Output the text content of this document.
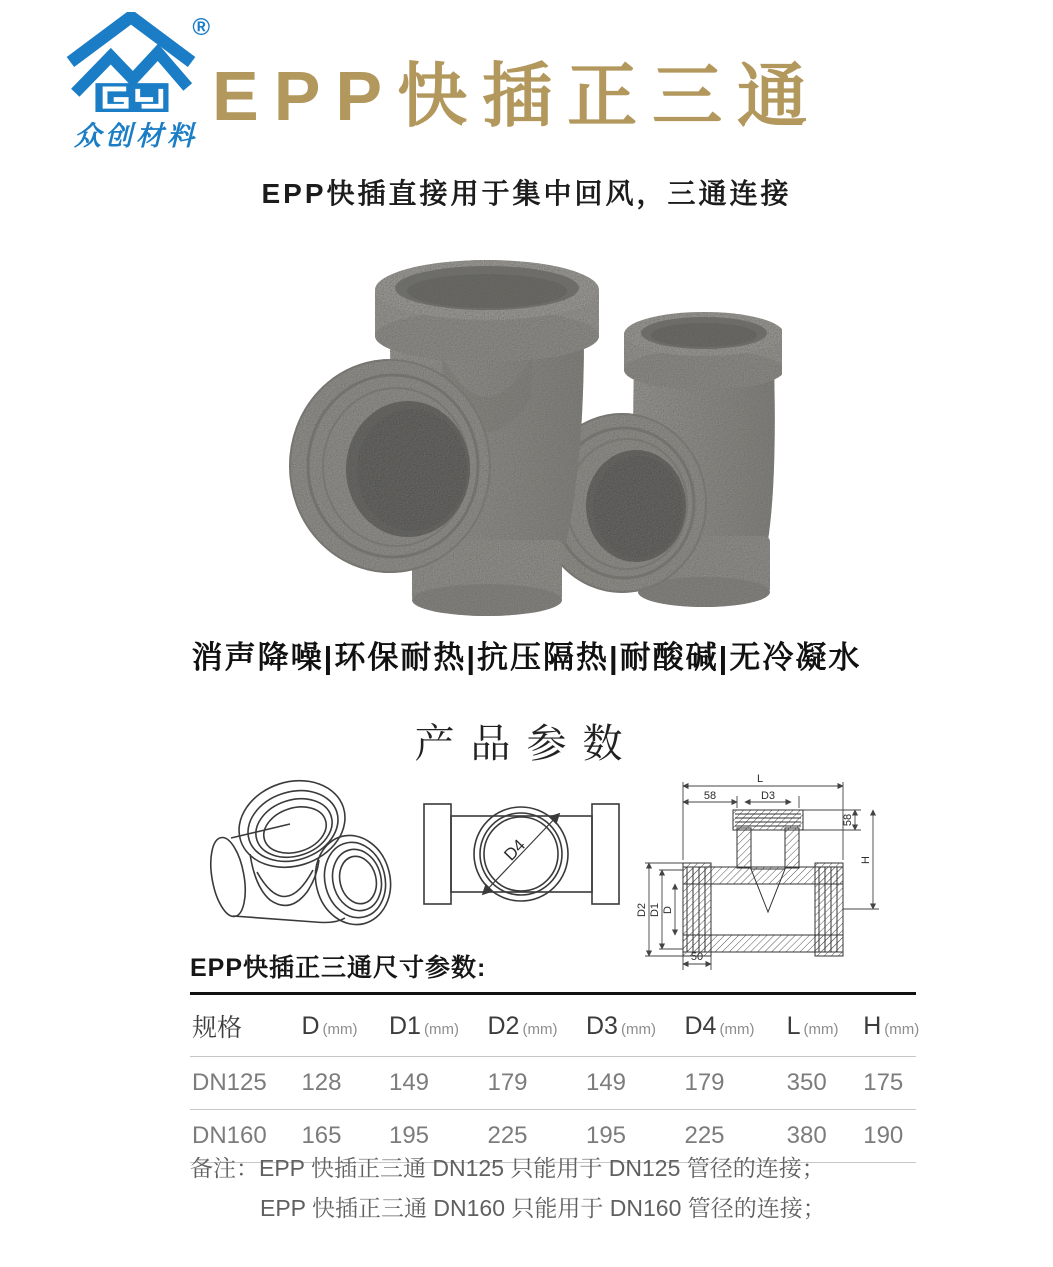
®
众创材料
EPP快插正三通
EPP快插直接用于集中回风，三通连接
消声降噪|环保耐热|抗压隔热|耐酸碱|无冷凝水
产品参数
D4
L
58	D3
58
H
D2 D1 D
50
EPP快插正三通尺寸参数:
规格	D (mm)	D1 (mm)	D2 (mm)	D3 (mm)	D4 (mm)	L (mm)	H (mm)
DN125	128	149	179	149	179	350	175
DN160	165	195	225	195	225	380	190
备注：EPP 快插正三通 DN125 只能用于 DN125 管径的连接；
EPP 快插正三通 DN160 只能用于 DN160 管径的连接；
